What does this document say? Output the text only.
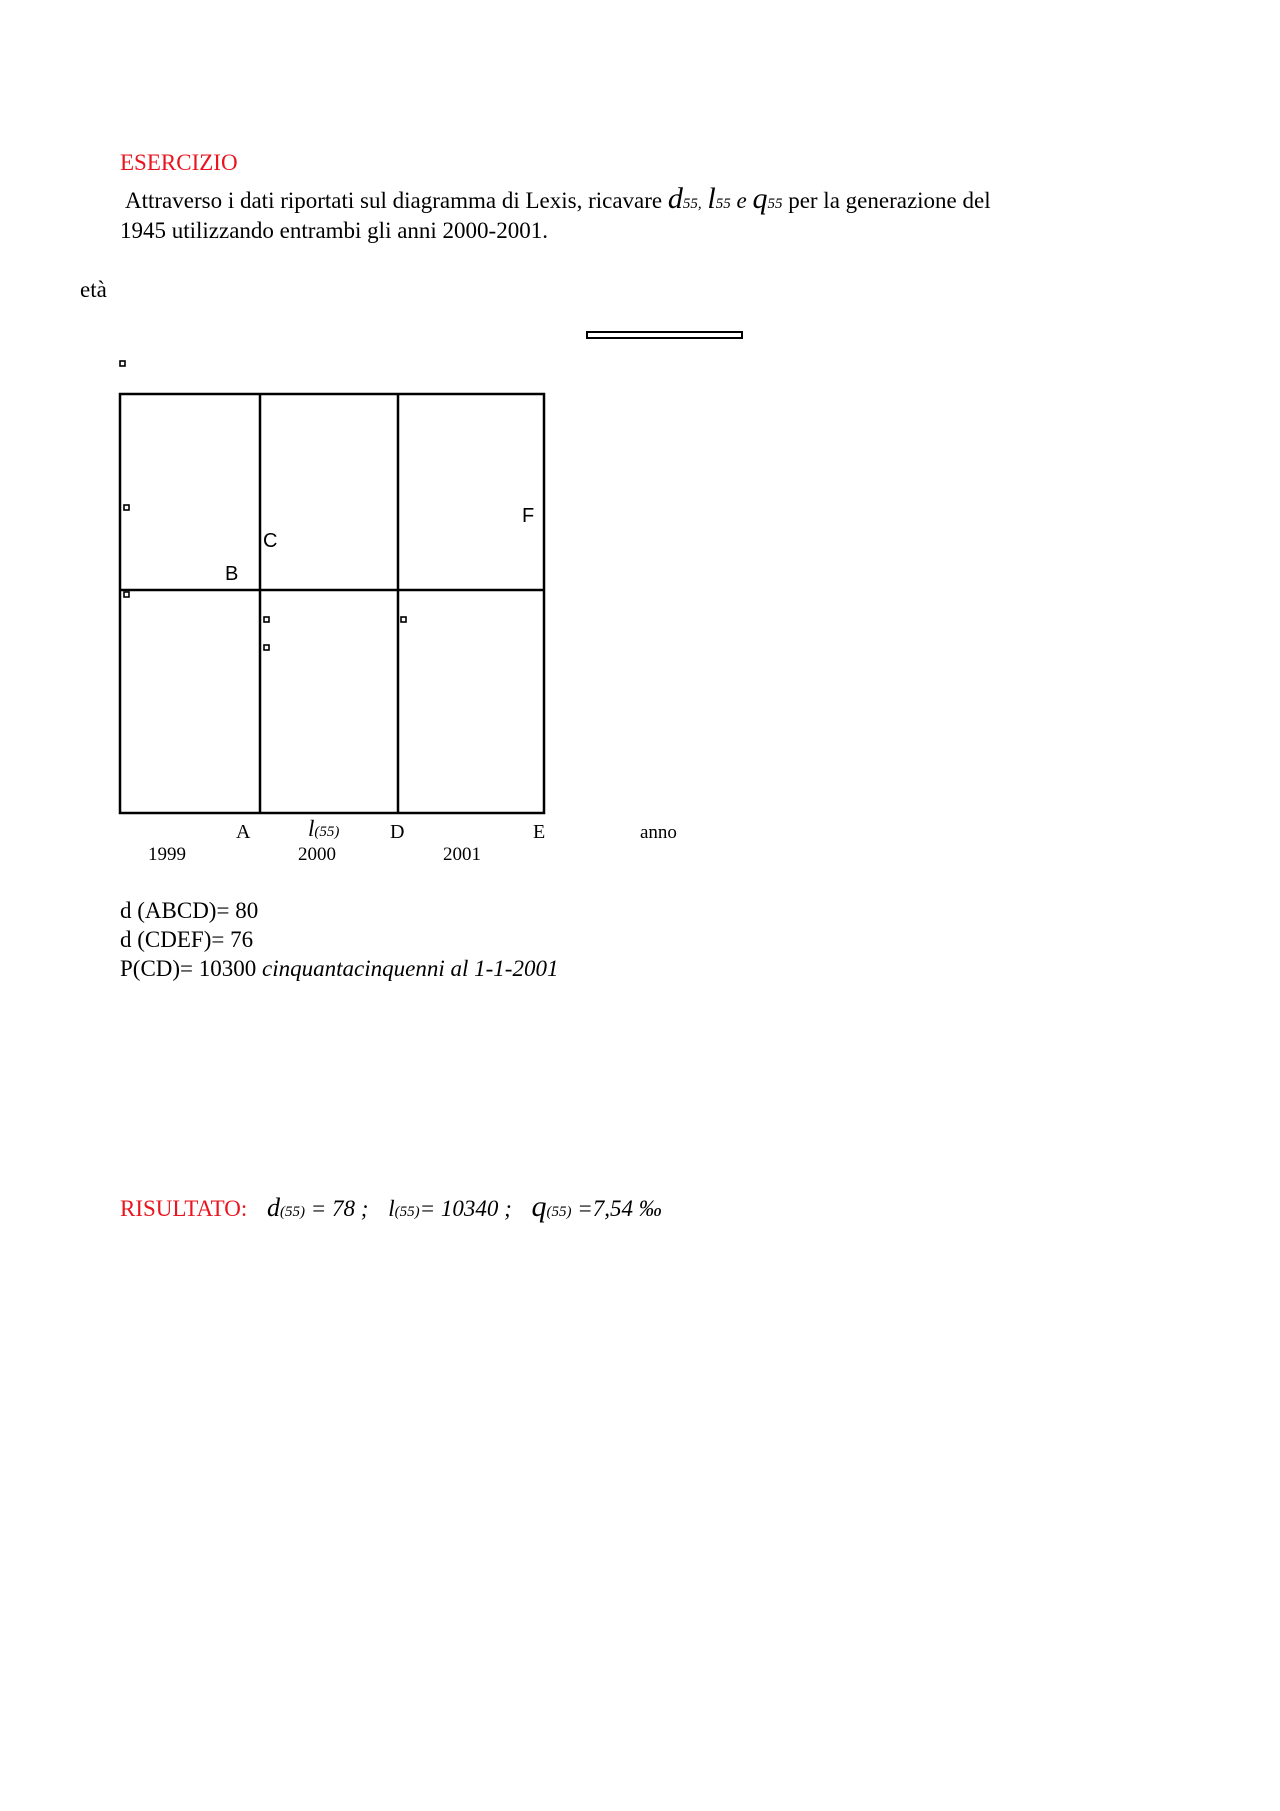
ESERCIZIO
Attraverso i dati riportati sul diagramma di Lexis, ricavare d55, l55 e q55 per la generazione del
1945 utilizzando entrambi gli anni 2000-2001.
età
B
C
F
A	l(55)	D	E	anno
1999	2000	2001
d (ABCD)= 80
d (CDEF)= 76
P(CD)= 10300 cinquantacinquenni al 1-1-2001
RISULTATO: d(55) = 78 ; l(55)= 10340 ; q(55) =7,54 ‰
